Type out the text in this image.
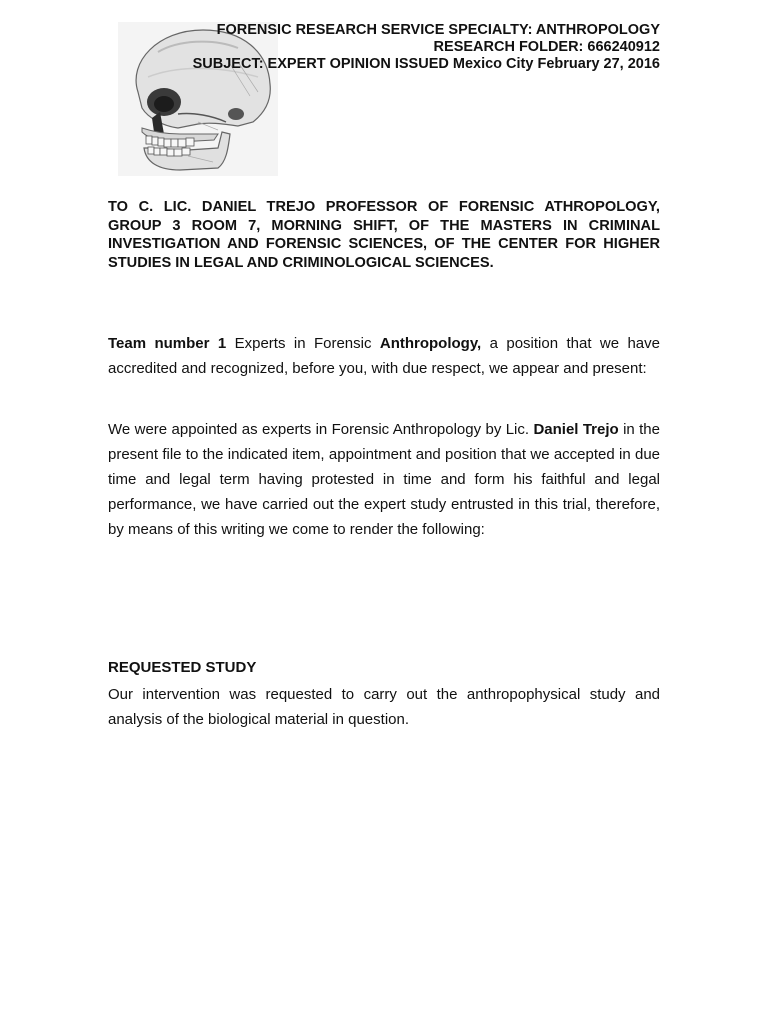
FORENSIC RESEARCH SERVICE SPECIALTY: ANTHROPOLOGY
RESEARCH FOLDER: 666240912
SUBJECT: EXPERT OPINION ISSUED Mexico City February 27, 2016
TO C. LIC. DANIEL TREJO PROFESSOR OF FORENSIC ATHROPOLOGY, GROUP 3 ROOM 7, MORNING SHIFT, OF THE MASTERS IN CRIMINAL INVESTIGATION AND FORENSIC SCIENCES, OF THE CENTER FOR HIGHER STUDIES IN LEGAL AND CRIMINOLOGICAL SCIENCES.

Team number 1 Experts in Forensic Anthropology, a position that we have accredited and recognized, before you, with due respect, we appear and present:

We were appointed as experts in Forensic Anthropology by Lic. Daniel Trejo in the present file to the indicated item, appointment and position that we accepted in due time and legal term having protested in time and form his faithful and legal performance, we have carried out the expert study entrusted in this trial, therefore, by means of this writing we come to render the following:

REQUESTED STUDY

Our intervention was requested to carry out the anthropophysical study and analysis of the biological material in question.
